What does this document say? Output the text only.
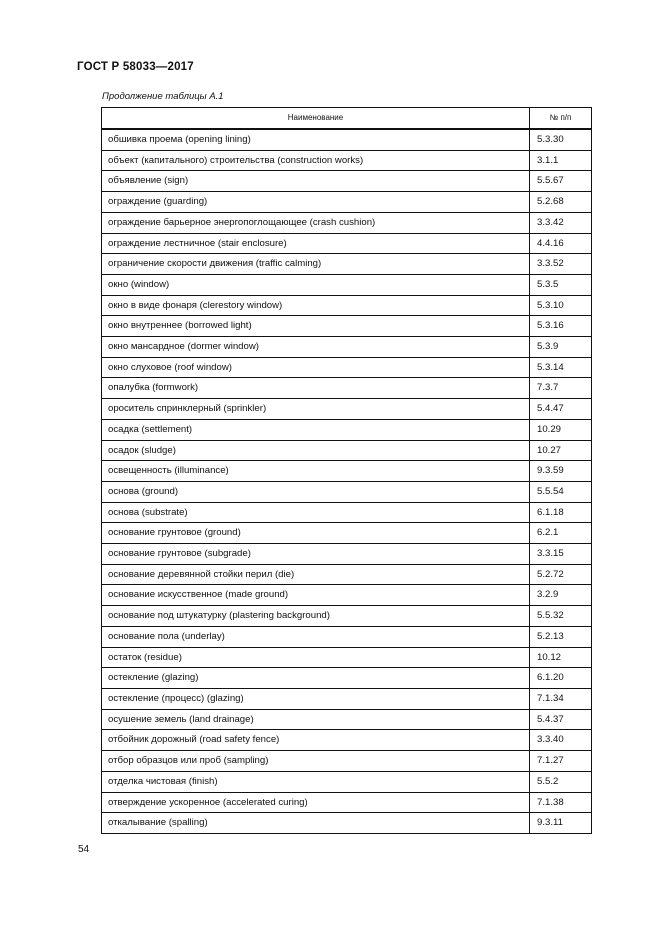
ГОСТ Р 58033—2017
Продолжение таблицы А.1
Наименование	№ п/п
обшивка проема (opening lining)	5.3.30
объект (капитального) строительства (construction works)	3.1.1
объявление (sign)	5.5.67
ограждение (guarding)	5.2.68
ограждение барьерное энергопоглощающее (crash cushion)	3.3.42
ограждение лестничное (stair enclosure)	4.4.16
ограничение скорости движения (traffic calming)	3.3.52
окно (window)	5.3.5
окно в виде фонаря (clerestory window)	5.3.10
окно внутреннее (borrowed light)	5.3.16
окно мансардное (dormer window)	5.3.9
окно слуховое (roof window)	5.3.14
опалубка (formwork)	7.3.7
ороситель спринклерный (sprinkler)	5.4.47
осадка (settlement)	10.29
осадок (sludge)	10.27
освещенность (illuminance)	9.3.59
основа (ground)	5.5.54
основа (substrate)	6.1.18
основание грунтовое (ground)	6.2.1
основание грунтовое (subgrade)	3.3.15
основание деревянной стойки перил (die)	5.2.72
основание искусственное (made ground)	3.2.9
основание под штукатурку (plastering background)	5.5.32
основание пола (underlay)	5.2.13
остаток (residue)	10.12
остекление (glazing)	6.1.20
остекление (процесс) (glazing)	7.1.34
осушение земель (land drainage)	5.4.37
отбойник дорожный (road safety fence)	3.3.40
отбор образцов или проб (sampling)	7.1.27
отделка чистовая (finish)	5.5.2
отверждение ускоренное (accelerated curing)	7.1.38
откалывание (spalling)	9.3.11
54
